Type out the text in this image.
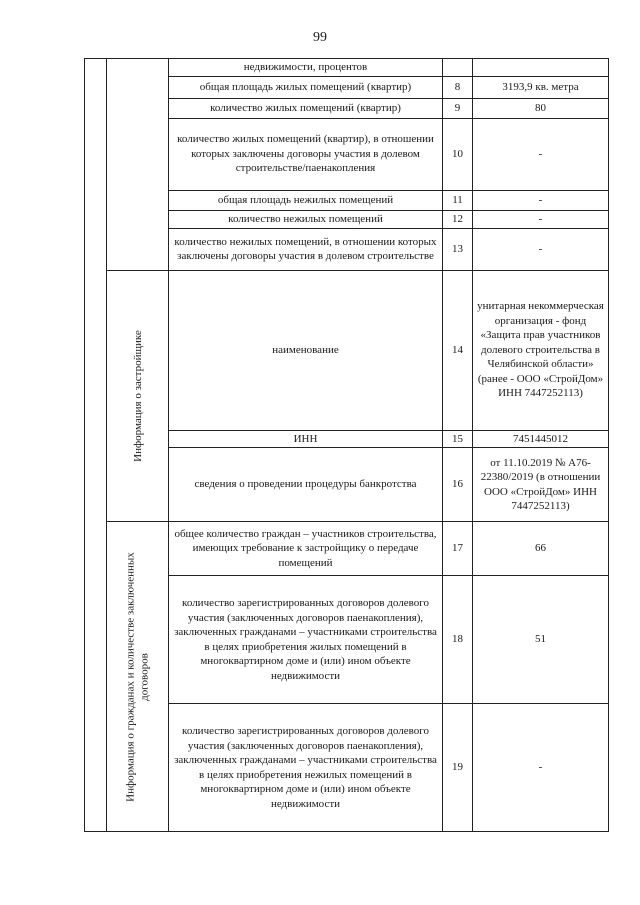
99
		недвижимости, процентов		
		общая площадь жилых помещений (квартир)	8	3193,9 кв. метра
		количество жилых помещений (квартир)	9	80
		количество жилых помещений (квартир), в отношении которых заключены договоры участия в долевом строительстве/паенакопления	10	-
		общая площадь нежилых помещений	11	-
		количество нежилых помещений	12	-
		количество нежилых помещений, в отношении которых заключены договоры участия в долевом строительстве	13	-

	Информация о застройщике	наименование	14	унитарная некоммерческая организация - фонд «Защита прав участников долевого строительства в Челябинской области» (ранее - ООО «СтройДом» ИНН 7447252113)
		ИНН	15	7451445012
		сведения о проведении процедуры банкротства	16	от 11.10.2019 № А76-22380/2019 (в отношении ООО «СтройДом» ИНН 7447252113)

	Информация о гражданах и количестве заключенных договоров	общее количество граждан – участников строительства, имеющих требование к застройщику о передаче помещений	17	66
		количество зарегистрированных договоров долевого участия (заключенных договоров паенакопления), заключенных гражданами – участниками строительства в целях приобретения жилых помещений в многоквартирном доме и (или) ином объекте недвижимости	18	51
		количество зарегистрированных договоров долевого участия (заключенных договоров паенакопления), заключенных гражданами – участниками строительства в целях приобретения нежилых помещений в многоквартирном доме и (или) ином объекте недвижимости	19	-
